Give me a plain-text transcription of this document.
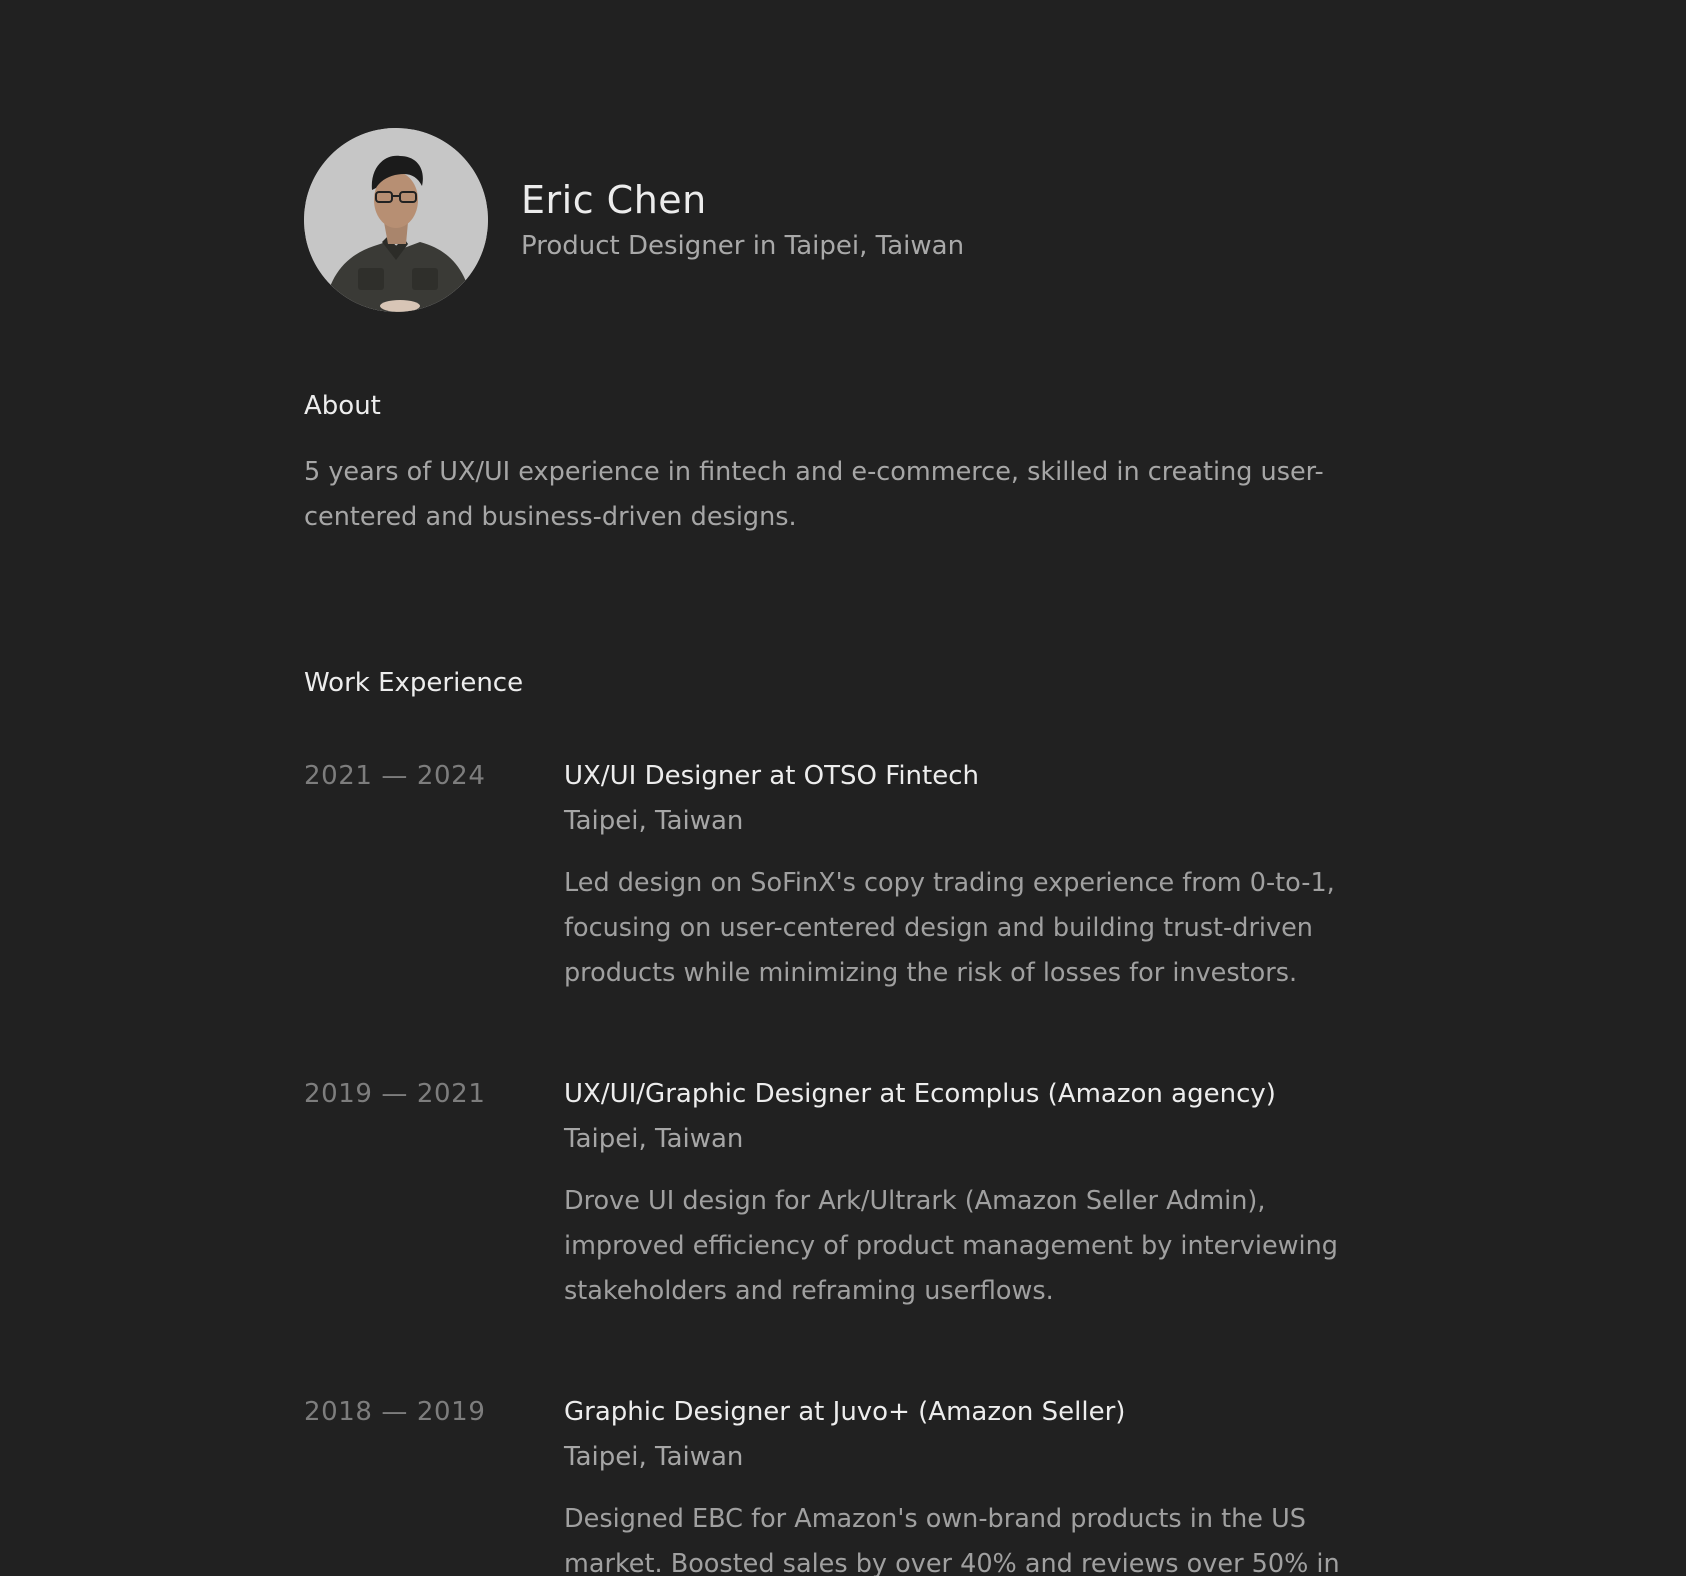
Eric Chen
Product Designer in Taipei, Taiwan
About
5 years of UX/UI experience in fintech and e-commerce, skilled in creating user-centered and business-driven designs.
Work Experience
2021 — 2024	UX/UI Designer at OTSO Fintech
Taipei, Taiwan
Led design on SoFinX's copy trading experience from 0-to-1, focusing on user-centered design and building trust-driven products while minimizing the risk of losses for investors.
2019 — 2021	UX/UI/Graphic Designer at Ecomplus (Amazon agency)
Taipei, Taiwan
Drove UI design for Ark/Ultrark (Amazon Seller Admin), improved efficiency of product management by interviewing stakeholders and reframing userflows.
2018 — 2019	Graphic Designer at Juvo+ (Amazon Seller)
Taipei, Taiwan
Designed EBC for Amazon's own-brand products in the US market. Boosted sales by over 40% and reviews over 50% in
